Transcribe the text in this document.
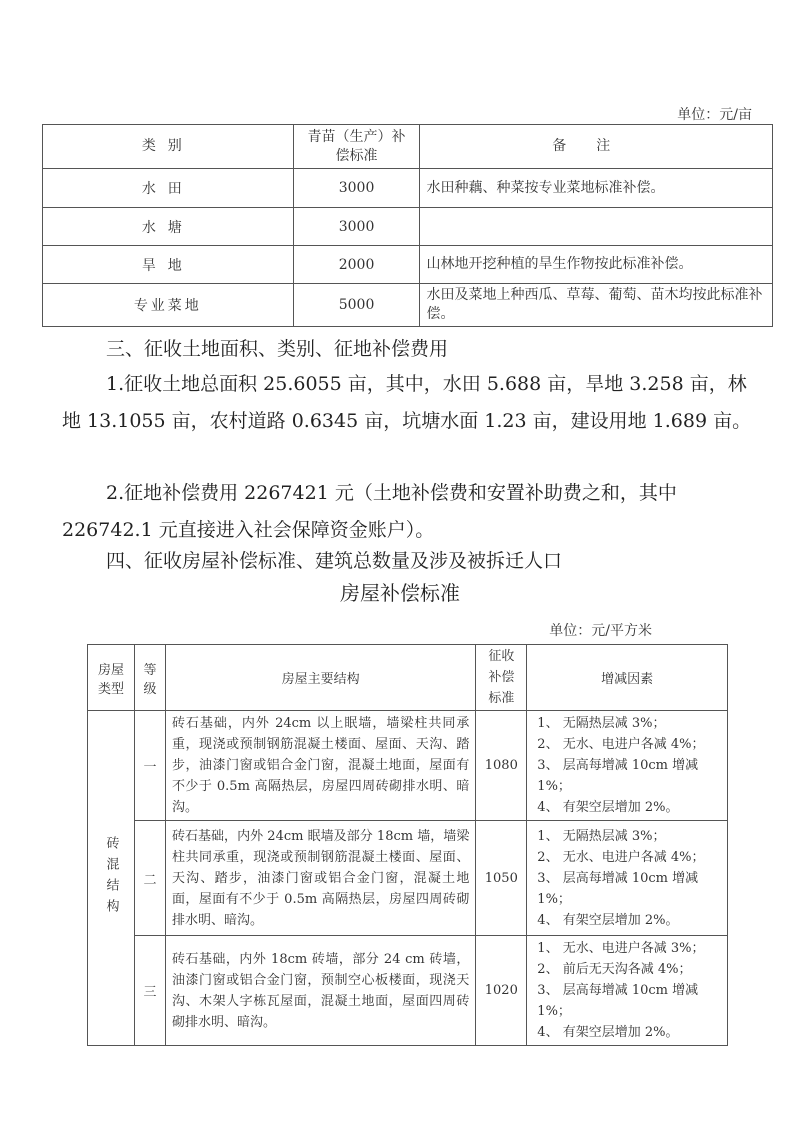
单位：元/亩
类别	青苗（生产）补偿标准	备注
水田	3000	水田种藕、种菜按专业菜地标准补偿。
水塘	3000	
旱地	2000	山林地开挖种植的旱生作物按此标准补偿。
专业菜地	5000	水田及菜地上种西瓜、草莓、葡萄、苗木均按此标准补偿。
三、征收土地面积、类别、征地补偿费用
1.征收土地总面积 25.6055 亩，其中，水田 5.688 亩，旱地 3.258 亩，林地 13.1055 亩，农村道路 0.6345 亩，坑塘水面 1.23 亩，建设用地 1.689 亩。
2.征地补偿费用 2267421 元（土地补偿费和安置补助费之和，其中 226742.1 元直接进入社会保障资金账户）。
四、征收房屋补偿标准、建筑总数量及涉及被拆迁人口
房屋补偿标准
单位：元/平方米
房屋类型	等级	房屋主要结构	征收补偿标准	增减因素

砖混结构	一	砖石基础，内外 24cm 以上眠墙，墙梁柱共同承重，现浇或预制钢筋混凝土楼面、屋面、天沟、踏步，油漆门窗或铝合金门窗，混凝土地面，屋面有不少于 0.5m 高隔热层，房屋四周砖砌排水明、暗沟。	1080	1、 无隔热层减 3%；
2、 无水、电进户各减 4%；
3、 层高每增减 10cm 增减 1%；
4、 有架空层增加 2%。

	二	砖石基础，内外 24cm 眠墙及部分 18cm 墙，墙梁柱共同承重，现浇或预制钢筋混凝土楼面、屋面、天沟、踏步，油漆门窗或铝合金门窗，混凝土地面，屋面有不少于 0.5m 高隔热层，房屋四周砖砌排水明、暗沟。	1050	1、 无隔热层减 3%；
2、 无水、电进户各减 4%；
3、 层高每增减 10cm 增减 1%；
4、 有架空层增加 2%。

	三	砖石基础，内外 18cm 砖墙，部分 24 cm 砖墙，油漆门窗或铝合金门窗，预制空心板楼面，现浇天沟、木架人字栋瓦屋面，混凝土地面，屋面四周砖砌排水明、暗沟。	1020	1、 无水、电进户各减 3%；
2、 前后无天沟各减 4%；
3、 层高每增减 10cm 增减 1%；
4、 有架空层增加 2%。
